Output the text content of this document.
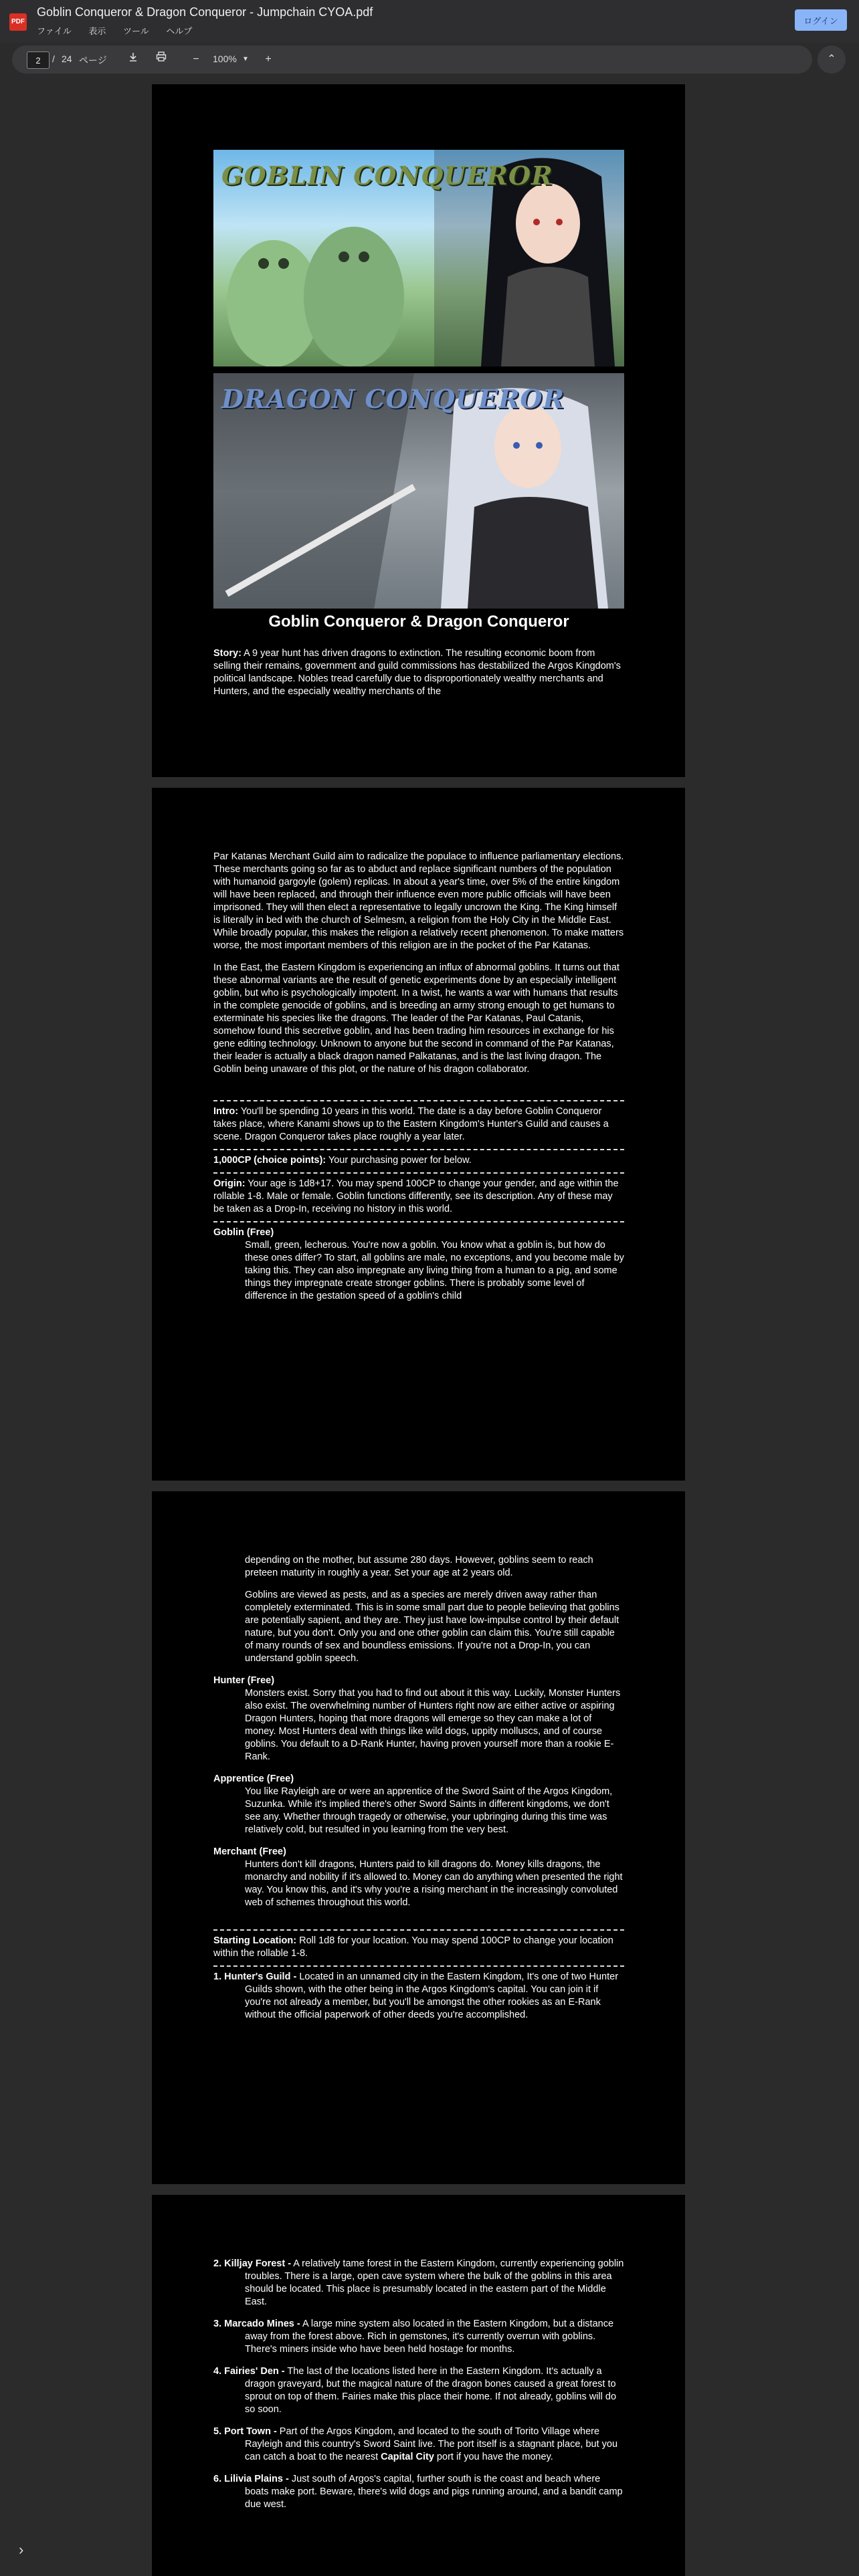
PDF
Goblin Conqueror & Dragon Conqueror - Jumpchain CYOA.pdf
ファイル 表示 ツール ヘルプ
ログイン
2
/ 24 ページ	−	100% ▼	+	⌃
›
GOBLIN CONQUEROR
DRAGON CONQUEROR
Goblin Conqueror & Dragon Conqueror
Story: A 9 year hunt has driven dragons to extinction. The resulting economic boom from selling their remains, government and guild commissions has destabilized the Argos Kingdom's political landscape. Nobles tread carefully due to disproportionately wealthy merchants and Hunters, and the especially wealthy merchants of the
Par Katanas Merchant Guild aim to radicalize the populace to influence parliamentary elections. These merchants going so far as to abduct and replace significant numbers of the population with humanoid gargoyle (golem) replicas. In about a year's time, over 5% of the entire kingdom will have been replaced, and through their influence even more public officials will have been imprisoned. They will then elect a representative to legally uncrown the King. The King himself is literally in bed with the church of Selmesm, a religion from the Holy City in the Middle East. While broadly popular, this makes the religion a relatively recent phenomenon. To make matters worse, the most important members of this religion are in the pocket of the Par Katanas.
In the East, the Eastern Kingdom is experiencing an influx of abnormal goblins. It turns out that these abnormal variants are the result of genetic experiments done by an especially intelligent goblin, but who is psychologically impotent. In a twist, he wants a war with humans that results in the complete genocide of goblins, and is breeding an army strong enough to get humans to exterminate his species like the dragons. The leader of the Par Katanas, Paul Catanis, somehow found this secretive goblin, and has been trading him resources in exchange for his gene editing technology. Unknown to anyone but the second in command of the Par Katanas, their leader is actually a black dragon named Palkatanas, and is the last living dragon. The Goblin being unaware of this plot, or the nature of his dragon collaborator.
Intro: You'll be spending 10 years in this world. The date is a day before Goblin Conqueror takes place, where Kanami shows up to the Eastern Kingdom's Hunter's Guild and causes a scene. Dragon Conqueror takes place roughly a year later.
1,000CP (choice points): Your purchasing power for below.
Origin: Your age is 1d8+17. You may spend 100CP to change your gender, and age within the rollable 1-8. Male or female. Goblin functions differently, see its description. Any of these may be taken as a Drop-In, receiving no history in this world.
Goblin (Free)
Small, green, lecherous. You're now a goblin. You know what a goblin is, but how do these ones differ? To start, all goblins are male, no exceptions, and you become male by taking this. They can also impregnate any living thing from a human to a pig, and some things they impregnate create stronger goblins. There is probably some level of difference in the gestation speed of a goblin's child
depending on the mother, but assume 280 days. However, goblins seem to reach preteen maturity in roughly a year. Set your age at 2 years old.
Goblins are viewed as pests, and as a species are merely driven away rather than completely exterminated. This is in some small part due to people believing that goblins are potentially sapient, and they are. They just have low-impulse control by their default nature, but you don't. Only you and one other goblin can claim this. You're still capable of many rounds of sex and boundless emissions. If you're not a Drop-In, you can understand goblin speech.
Hunter (Free)
Monsters exist. Sorry that you had to find out about it this way. Luckily, Monster Hunters also exist. The overwhelming number of Hunters right now are either active or aspiring Dragon Hunters, hoping that more dragons will emerge so they can make a lot of money. Most Hunters deal with things like wild dogs, uppity molluscs, and of course goblins. You default to a D-Rank Hunter, having proven yourself more than a rookie E-Rank.
Apprentice (Free)
You like Rayleigh are or were an apprentice of the Sword Saint of the Argos Kingdom, Suzunka. While it's implied there's other Sword Saints in different kingdoms, we don't see any. Whether through tragedy or otherwise, your upbringing during this time was relatively cold, but resulted in you learning from the very best.
Merchant (Free)
Hunters don't kill dragons, Hunters paid to kill dragons do. Money kills dragons, the monarchy and nobility if it's allowed to. Money can do anything when presented the right way. You know this, and it's why you're a rising merchant in the increasingly convoluted web of schemes throughout this world.
Starting Location: Roll 1d8 for your location. You may spend 100CP to change your location within the rollable 1-8.
1. Hunter's Guild - Located in an unnamed city in the Eastern Kingdom, It's one of two Hunter Guilds shown, with the other being in the Argos Kingdom's capital. You can join it if you're not already a member, but you'll be amongst the other rookies as an E-Rank without the official paperwork of other deeds you're accomplished.
2. Killjay Forest - A relatively tame forest in the Eastern Kingdom, currently experiencing goblin troubles. There is a large, open cave system where the bulk of the goblins in this area should be located. This place is presumably located in the eastern part of the Middle East.
3. Marcado Mines - A large mine system also located in the Eastern Kingdom, but a distance away from the forest above. Rich in gemstones, it's currently overrun with goblins. There's miners inside who have been held hostage for months.
4. Fairies' Den - The last of the locations listed here in the Eastern Kingdom. It's actually a dragon graveyard, but the magical nature of the dragon bones caused a great forest to sprout on top of them. Fairies make this place their home. If not already, goblins will do so soon.
5. Port Town - Part of the Argos Kingdom, and located to the south of Torito Village where Rayleigh and this country's Sword Saint live. The port itself is a stagnant place, but you can catch a boat to the nearest Capital City port if you have the money.
6. Lilivia Plains - Just south of Argos's capital, further south is the coast and beach where boats make port. Beware, there's wild dogs and pigs running around, and a bandit camp due west.
